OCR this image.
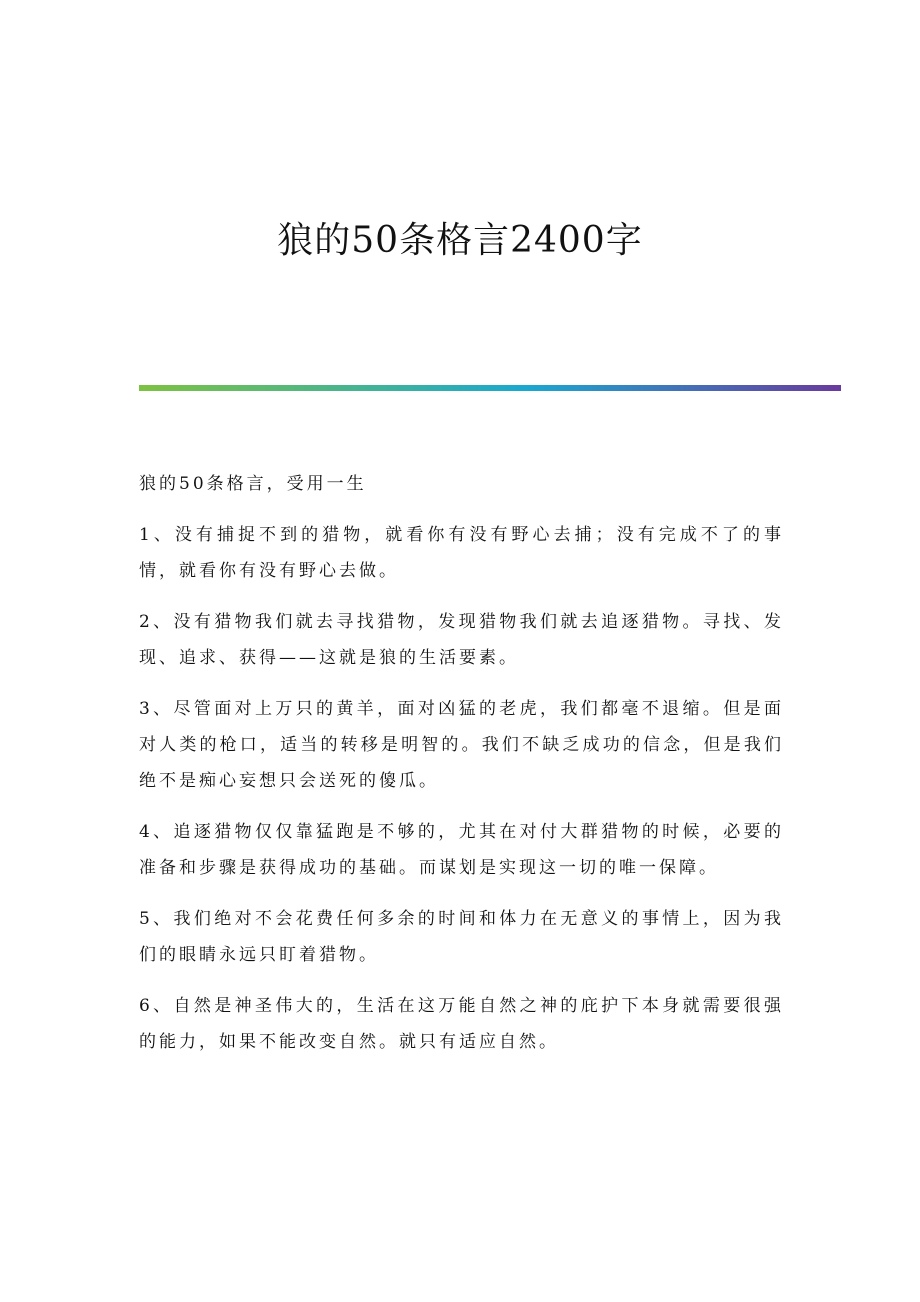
狼的50条格言2400字

狼的50条格言，受用一生

1、没有捕捉不到的猎物，就看你有没有野心去捕；没有完成不了的事情，就看你有没有野心去做。

2、没有猎物我们就去寻找猎物，发现猎物我们就去追逐猎物。寻找、发现、追求、获得——这就是狼的生活要素。

3、尽管面对上万只的黄羊，面对凶猛的老虎，我们都毫不退缩。但是面对人类的枪口，适当的转移是明智的。我们不缺乏成功的信念，但是我们绝不是痴心妄想只会送死的傻瓜。

4、追逐猎物仅仅靠猛跑是不够的，尤其在对付大群猎物的时候，必要的准备和步骤是获得成功的基础。而谋划是实现这一切的唯一保障。

5、我们绝对不会花费任何多余的时间和体力在无意义的事情上，因为我们的眼睛永远只盯着猎物。

6、自然是神圣伟大的，生活在这万能自然之神的庇护下本身就需要很强的能力，如果不能改变自然。就只有适应自然。
